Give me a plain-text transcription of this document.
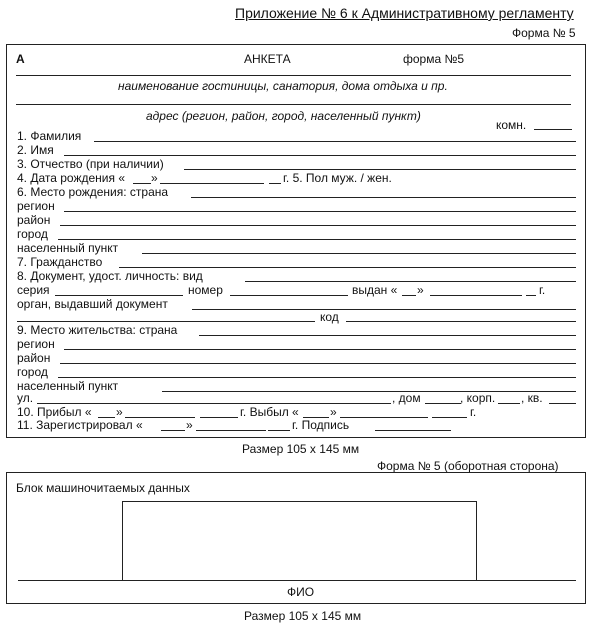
Приложение № 6 к Административному регламенту
Форма № 5
А	АНКЕТА	форма №5
наименование гостиницы, санатория, дома отдыха и пр.
адрес (регион, район, город, населенный пункт)
комн.
1. Фамилия
2. Имя
3. Отчество (при наличии)
4. Дата рождения « »	г. 5. Пол муж. / жен.
6. Место рождения: страна
регион
район
город
населенный пункт
7. Гражданство
8. Документ, удост. личность: вид
серия	номер	выдан « »	г.
орган, выдавший документ
код
9. Место жительства: страна
регион
район
город
населенный пункт
ул.	, дом	, корп. , кв.
10. Прибыл « »	г. Выбыл «	»	г.
11. Зарегистрировал «	»	г. Подпись
Размер 105 х 145 мм
Форма № 5 (оборотная сторона)
Блок машиночитаемых данных
ФИО
Размер 105 х 145 мм
